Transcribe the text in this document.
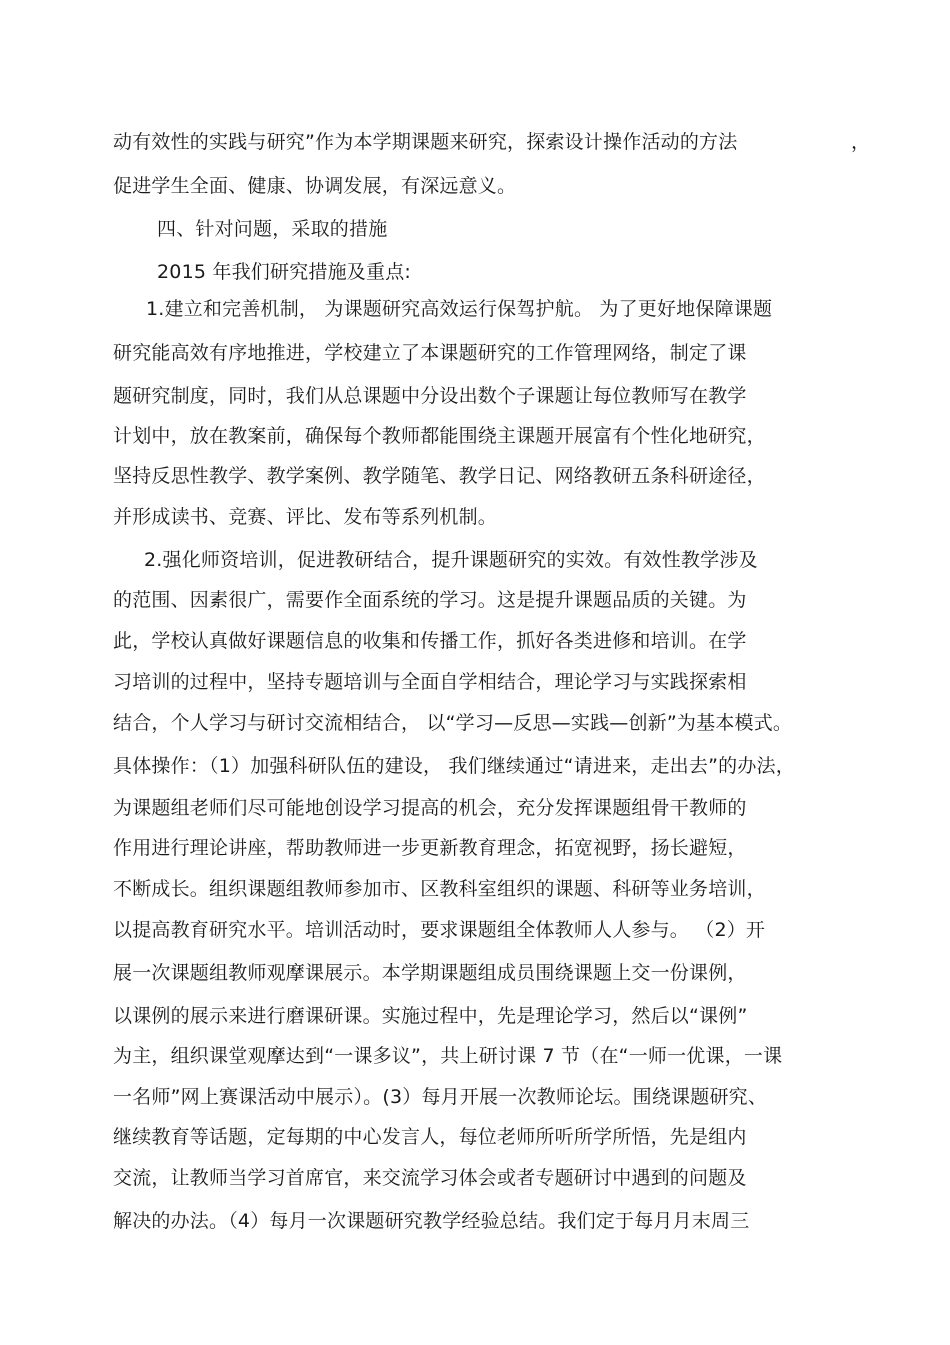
动有效性的实践与研究”作为本学期课题来研究，探索设计操作活动的方法	，
促进学生全面、健康、协调发展，有深远意义。
四、针对问题，采取的措施
2015 年我们研究措施及重点:
1.建立和完善机制， 为课题研究高效运行保驾护航。 为了更好地保障课题
研究能高效有序地推进，学校建立了本课题研究的工作管理网络，制定了课
题研究制度，同时，我们从总课题中分设出数个子课题让每位教师写在教学
计划中，放在教案前，确保每个教师都能围绕主课题开展富有个性化地研究，
坚持反思性教学、教学案例、教学随笔、教学日记、网络教研五条科研途径，
并形成读书、竞赛、评比、发布等系列机制。
2.强化师资培训，促进教研结合，提升课题研究的实效。有效性教学涉及
的范围、因素很广，需要作全面系统的学习。这是提升课题品质的关键。为
此，学校认真做好课题信息的收集和传播工作，抓好各类进修和培训。在学
习培训的过程中，坚持专题培训与全面自学相结合，理论学习与实践探索相
结合，个人学习与研讨交流相结合， 以“学习—反思—实践—创新”为基本模式。
具体操作：（1）加强科研队伍的建设， 我们继续通过“请进来，走出去”的办法，
为课题组老师们尽可能地创设学习提高的机会，充分发挥课题组骨干教师的
作用进行理论讲座，帮助教师进一步更新教育理念，拓宽视野，扬长避短，
不断成长。组织课题组教师参加市、区教科室组织的课题、科研等业务培训，
以提高教育研究水平。培训活动时，要求课题组全体教师人人参与。 （2）开
展一次课题组教师观摩课展示。本学期课题组成员围绕课题上交一份课例，
以课例的展示来进行磨课研课。实施过程中，先是理论学习，然后以“课例”
为主，组织课堂观摩达到“一课多议”，共上研讨课 7 节（在“一师一优课，一课
一名师”网上赛课活动中展示）。(3）每月开展一次教师论坛。围绕课题研究、
继续教育等话题，定每期的中心发言人，每位老师所听所学所悟，先是组内
交流，让教师当学习首席官，来交流学习体会或者专题研讨中遇到的问题及
解决的办法。（4）每月一次课题研究教学经验总结。我们定于每月月末周三
